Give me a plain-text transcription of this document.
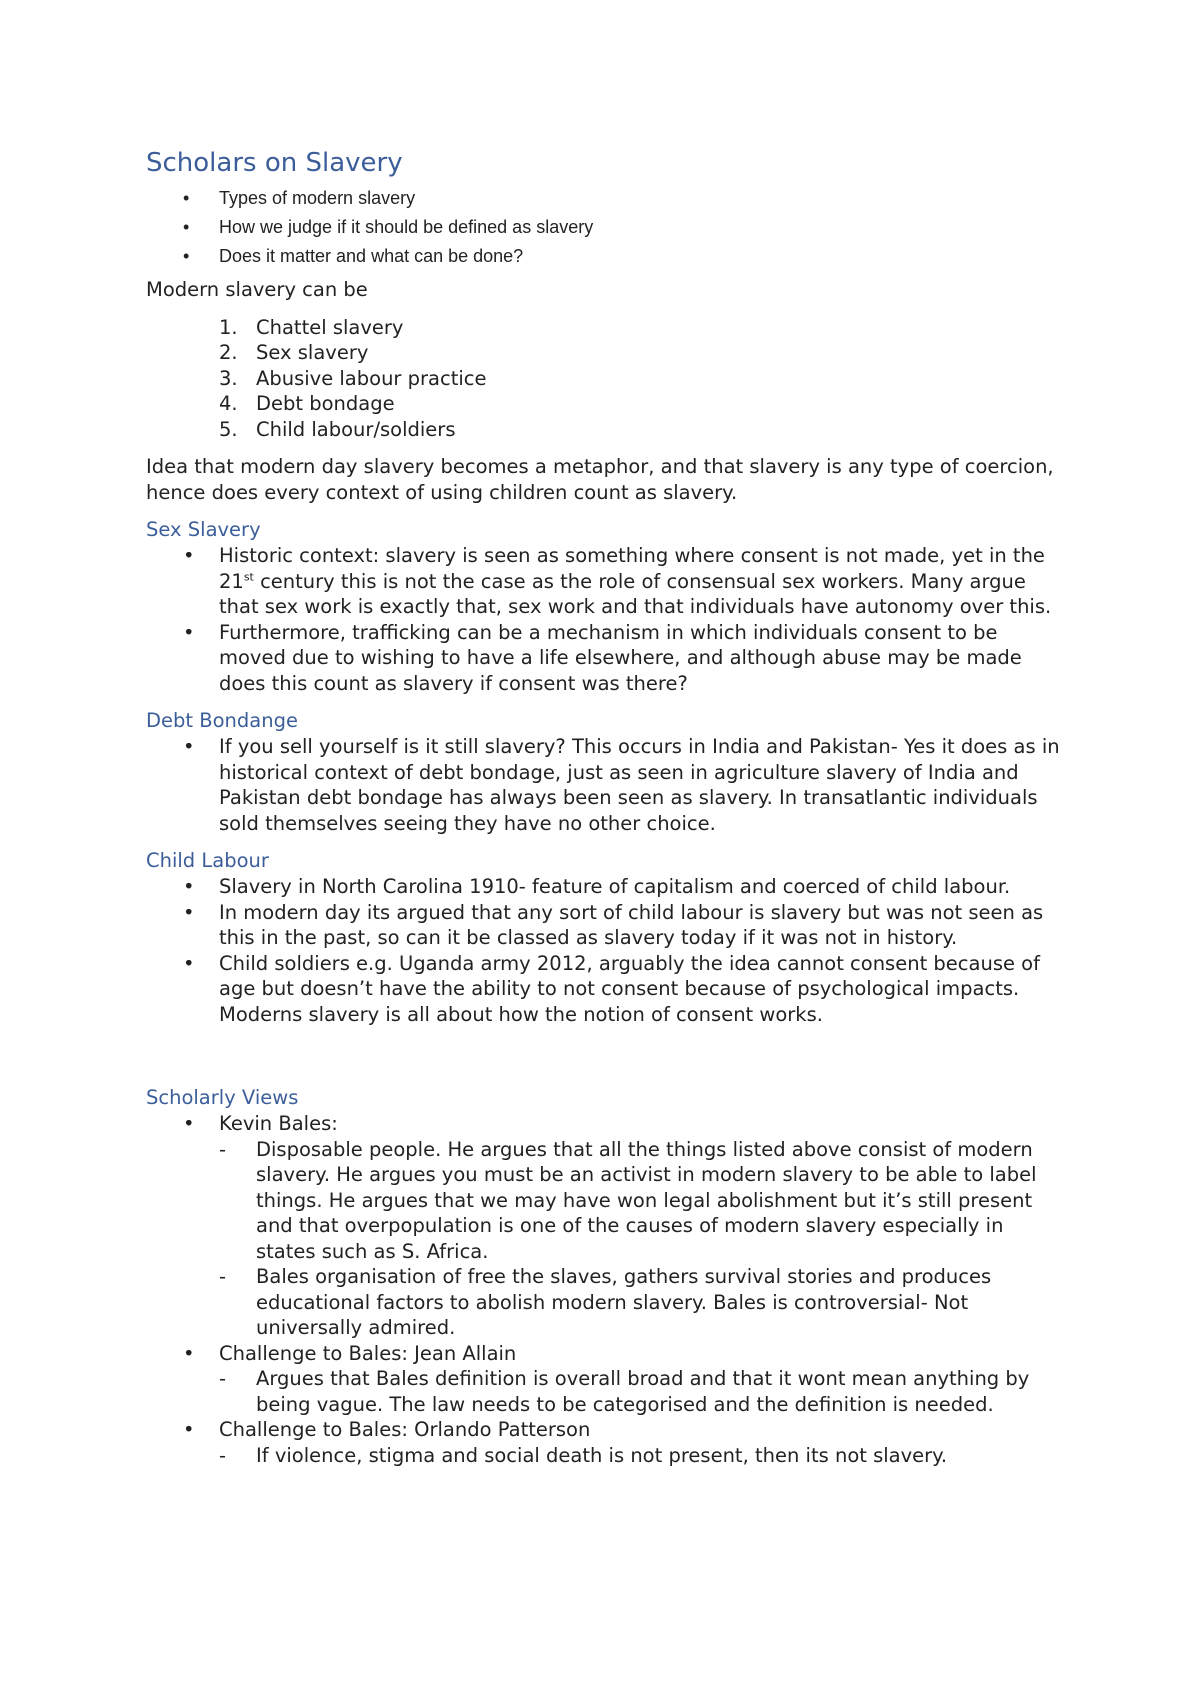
Scholars on Slavery
• Types of modern slavery
• How we judge if it should be defined as slavery
• Does it matter and what can be done?

Modern slavery can be

1. Chattel slavery
2. Sex slavery
3. Abusive labour practice
4. Debt bondage
5. Child labour/soldiers

Idea that modern day slavery becomes a metaphor, and that slavery is any type of coercion, hence does every context of using children count as slavery.

Sex Slavery
• Historic context: slavery is seen as something where consent is not made, yet in the 21st century this is not the case as the role of consensual sex workers. Many argue that sex work is exactly that, sex work and that individuals have autonomy over this.
• Furthermore, trafficking can be a mechanism in which individuals consent to be moved due to wishing to have a life elsewhere, and although abuse may be made does this count as slavery if consent was there?
Debt Bondange
• If you sell yourself is it still slavery? This occurs in India and Pakistan- Yes it does as in historical context of debt bondage, just as seen in agriculture slavery of India and Pakistan debt bondage has always been seen as slavery. In transatlantic individuals sold themselves seeing they have no other choice.
Child Labour
• Slavery in North Carolina 1910- feature of capitalism and coerced of child labour.
• In modern day its argued that any sort of child labour is slavery but was not seen as this in the past, so can it be classed as slavery today if it was not in history.
• Child soldiers e.g. Uganda army 2012, arguably the idea cannot consent because of age but doesn’t have the ability to not consent because of psychological impacts. Moderns slavery is all about how the notion of consent works.
Scholarly Views
• Kevin Bales:
- Disposable people. He argues that all the things listed above consist of modern slavery. He argues you must be an activist in modern slavery to be able to label things. He argues that we may have won legal abolishment but it’s still present and that overpopulation is one of the causes of modern slavery especially in states such as S. Africa.
- Bales organisation of free the slaves, gathers survival stories and produces educational factors to abolish modern slavery. Bales is controversial- Not universally admired.
• Challenge to Bales: Jean Allain
- Argues that Bales definition is overall broad and that it wont mean anything by being vague. The law needs to be categorised and the definition is needed.
• Challenge to Bales: Orlando Patterson
- If violence, stigma and social death is not present, then its not slavery.
